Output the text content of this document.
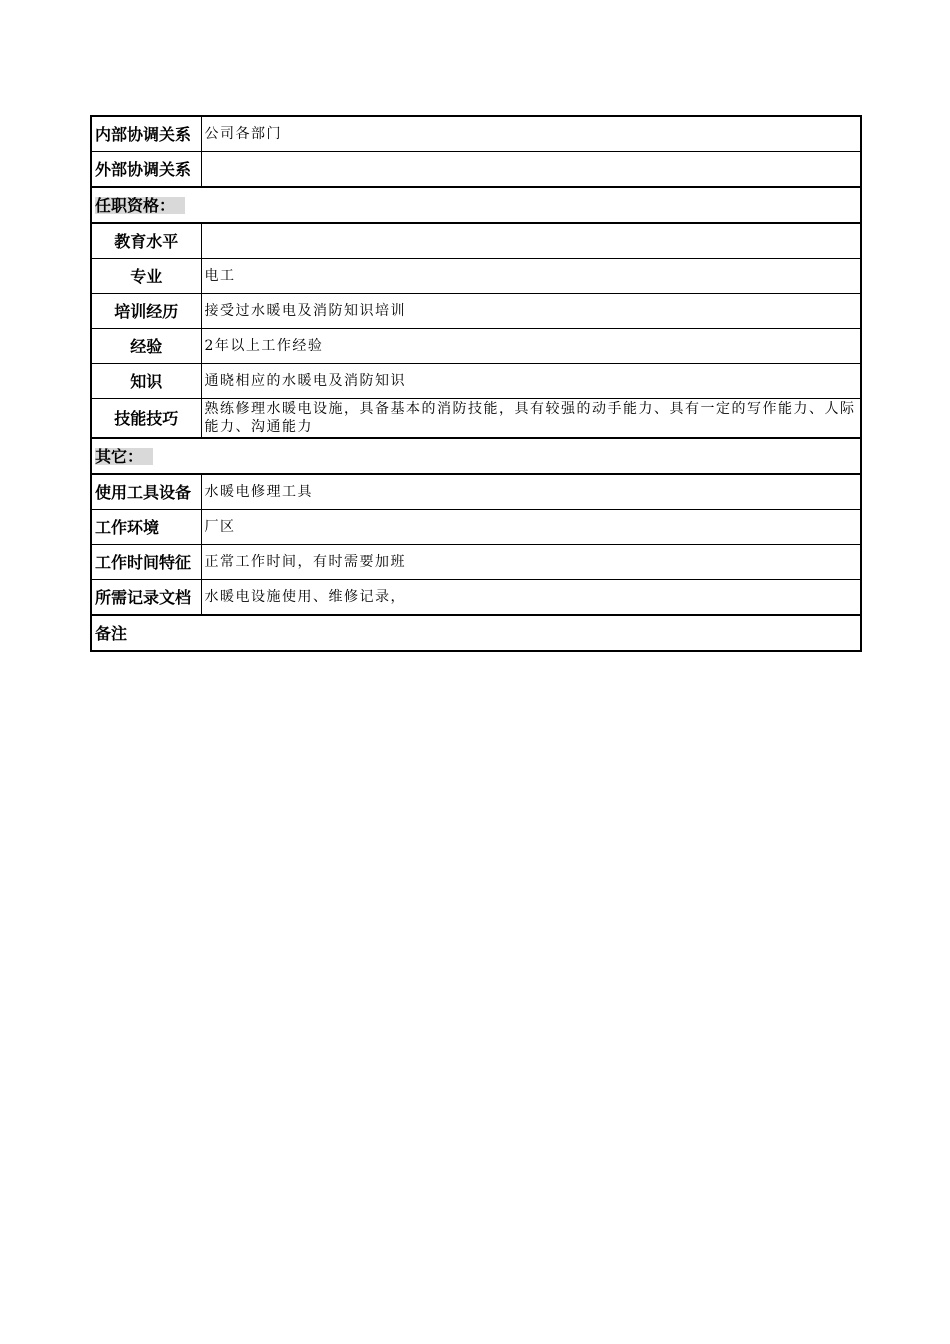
内部协调关系	公司各部门
外部协调关系	
任职资格：	
教育水平	
专业	电工
培训经历	接受过水暖电及消防知识培训
经验	2年以上工作经验
知识	通晓相应的水暖电及消防知识
技能技巧	熟练修理水暖电设施，具备基本的消防技能，具有较强的动手能力、具有一定的写作能力、人际能力、沟通能力
其它：	
使用工具设备	水暖电修理工具
工作环境	厂区
工作时间特征	正常工作时间，有时需要加班
所需记录文档	水暖电设施使用、维修记录，
备注	
